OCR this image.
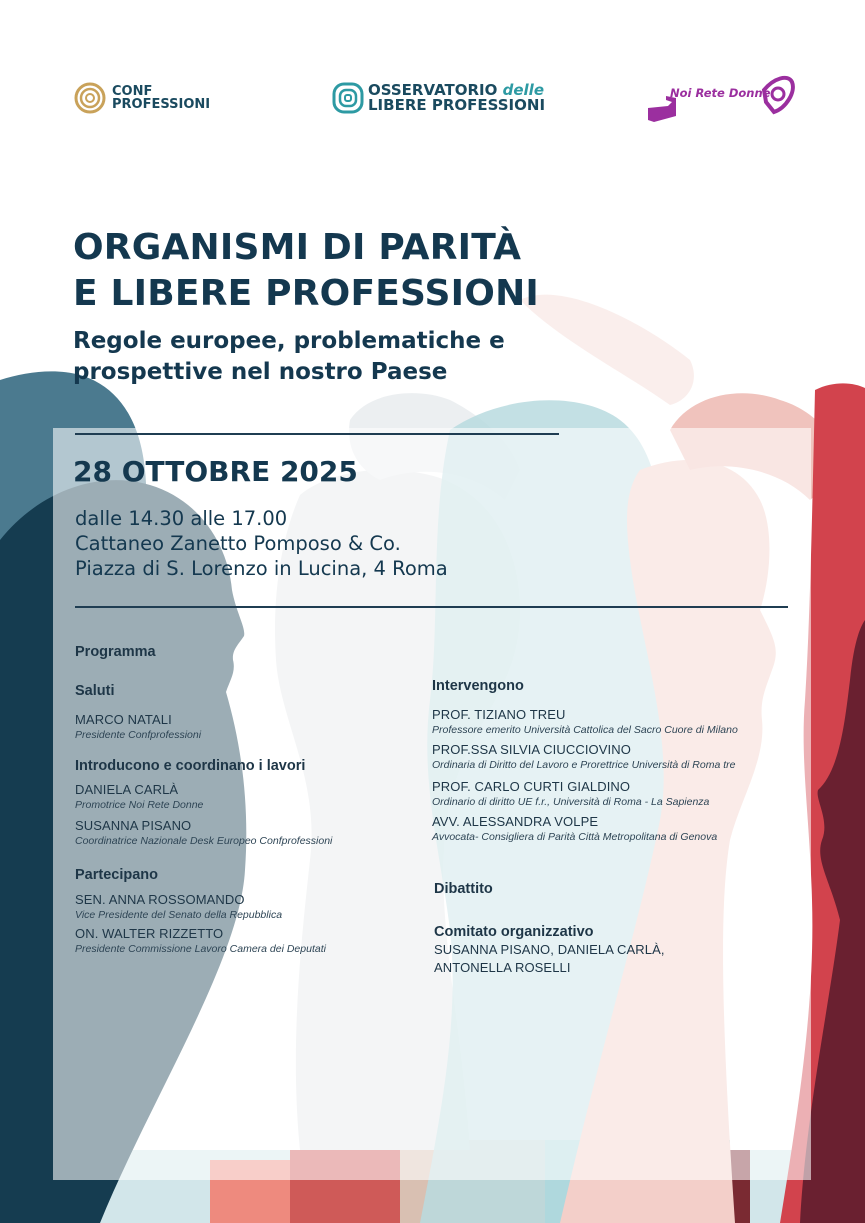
CONF
PROFESSIONI
OSSERVATORIO delle
LIBERE PROFESSIONI
Noi Rete Donne
ORGANISMI DI PARITÀ
E LIBERE PROFESSIONI
Regole europee, problematiche e
prospettive nel nostro Paese
28 OTTOBRE 2025
dalle 14.30 alle 17.00
Cattaneo Zanetto Pomposo & Co.
Piazza di S. Lorenzo in Lucina, 4 Roma
Programma
Saluti
MARCO NATALI
Presidente Confprofessioni
Introducono e coordinano i lavori
DANIELA CARLÀ
Promotrice Noi Rete Donne
SUSANNA PISANO
Coordinatrice Nazionale Desk Europeo Confprofessioni
Partecipano
SEN. ANNA ROSSOMANDO
Vice Presidente del Senato della Repubblica
ON. WALTER RIZZETTO
Presidente Commissione Lavoro Camera dei Deputati
Intervengono
PROF. TIZIANO TREU
Professore emerito Università Cattolica del Sacro Cuore di Milano
PROF.SSA SILVIA CIUCCIOVINO
Ordinaria di Diritto del Lavoro e Prorettrice Università di Roma tre
PROF. CARLO CURTI GIALDINO
Ordinario di diritto UE f.r., Università di Roma - La Sapienza
AVV. ALESSANDRA VOLPE
Avvocata- Consigliera di Parità Città Metropolitana di Genova
Dibattito
Comitato organizzativo
SUSANNA PISANO, DANIELA CARLÀ,
ANTONELLA ROSELLI
